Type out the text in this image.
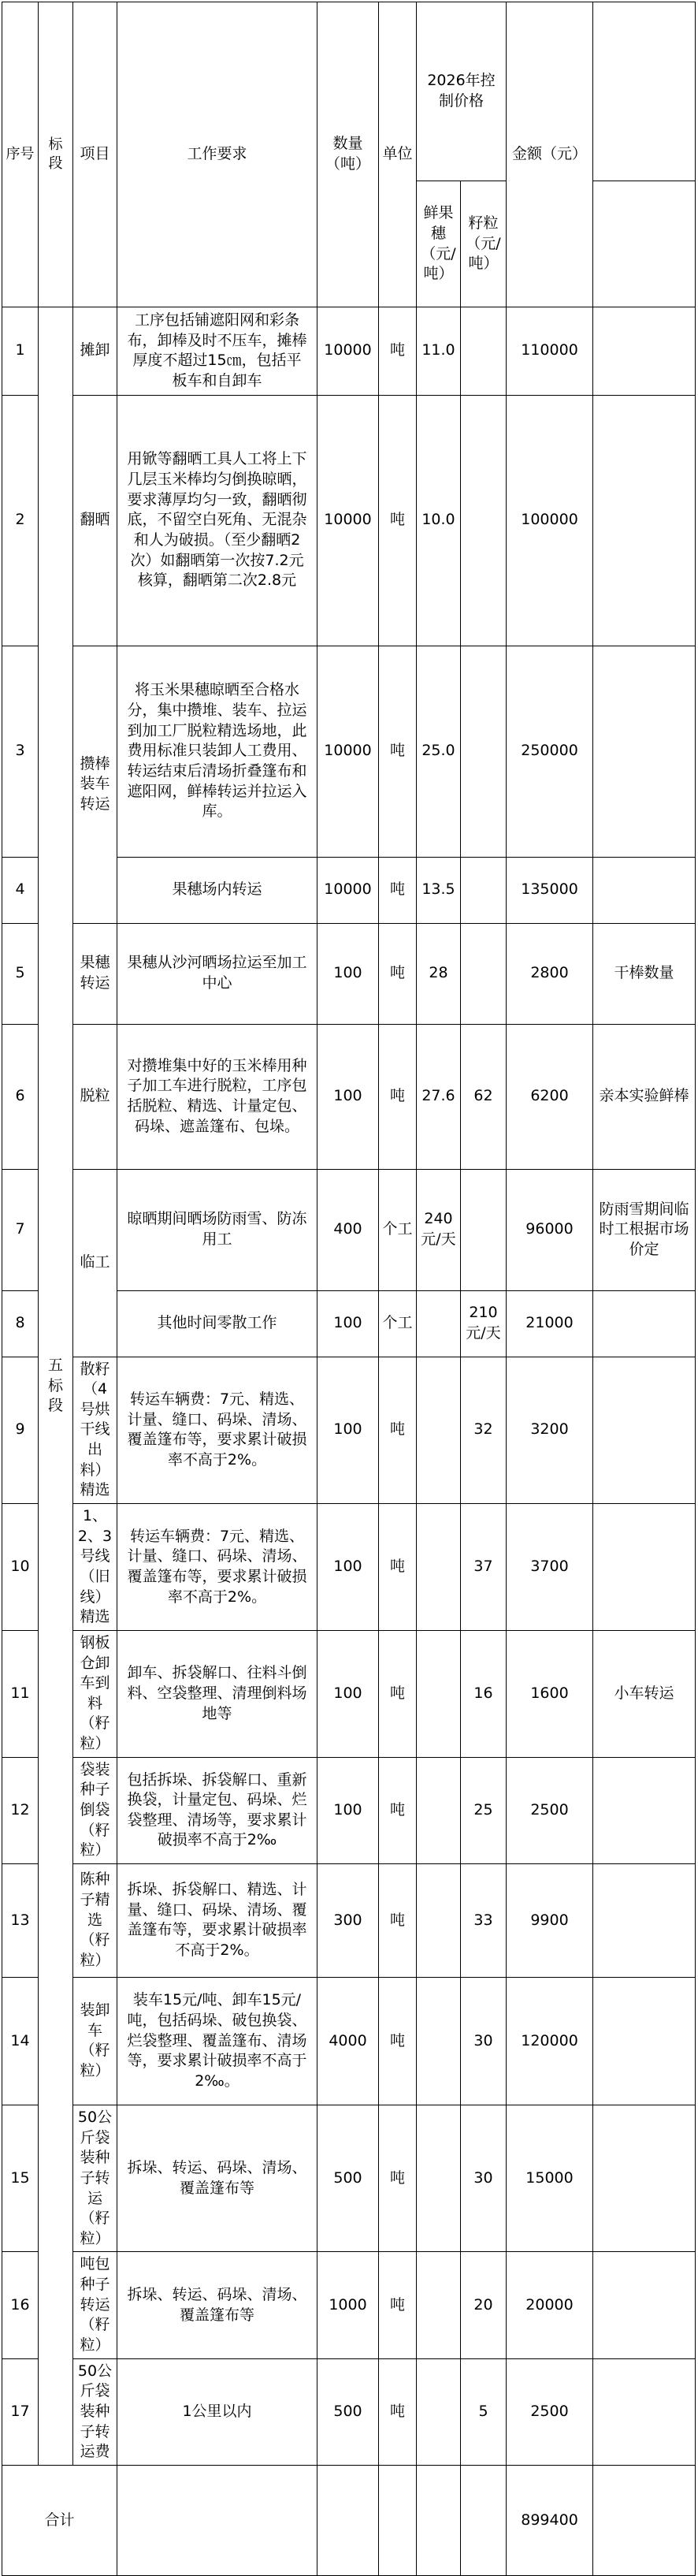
序号	标段	项目	工作要求	数量（吨）	单位	2026年控制价格		金额（元）	
						鲜果穗（元/吨）	籽粒（元/吨）		
1	五标段	摊卸	工序包括铺遮阳网和彩条布，卸棒及时不压车，摊棒厚度不超过15㎝，包括平板车和自卸车	10000	吨	11.0		110000	
2		翻晒	用锨等翻晒工具人工将上下几层玉米棒均匀倒换晾晒，要求薄厚均匀一致，翻晒彻底，不留空白死角、无混杂和人为破损。（至少翻晒2次）如翻晒第一次按7.2元核算，翻晒第二次2.8元	10000	吨	10.0		100000	
3		攒棒装车转运	将玉米果穗晾晒至合格水分，集中攒堆、装车、拉运到加工厂脱粒精选场地，此费用标准只装卸人工费用、转运结束后清场折叠篷布和遮阳网，鲜棒转运并拉运入库。	10000	吨	25.0		250000	
4			果穗场内转运	10000	吨	13.5		135000	
5		果穗转运	果穗从沙河晒场拉运至加工中心	100	吨	28		2800	干棒数量
6		脱粒	对攒堆集中好的玉米棒用种子加工车进行脱粒，工序包括脱粒、精选、计量定包、码垛、遮盖篷布、包垛。	100	吨	27.6	62	6200	亲本实验鲜棒
7		临工	晾晒期间晒场防雨雪、防冻用工	400	个工	240元/天		96000	防雨雪期间临时工根据市场价定
8			其他时间零散工作	100	个工		210元/天	21000	
9		散籽（4号烘干线出料）精选	转运车辆费：7元、精选、计量、缝口、码垛、清场、覆盖篷布等，要求累计破损率不高于2%。	100	吨		32	3200	
10		1、2、3号线（旧线）精选	转运车辆费：7元、精选、计量、缝口、码垛、清场、覆盖篷布等，要求累计破损率不高于2%。	100	吨		37	3700	
11		钢板仓卸车到料（籽粒）	卸车、拆袋解口、往料斗倒料、空袋整理、清理倒料场地等	100	吨		16	1600	小车转运
12		袋装种子倒袋（籽粒）	包括拆垛、拆袋解口、重新换袋，计量定包、码垛、烂袋整理、清场等，要求累计破损率不高于2‰	100	吨		25	2500	
13		陈种子精选（籽粒）	拆垛、拆袋解口、精选、计量、缝口、码垛、清场、覆盖篷布等，要求累计破损率不高于2%。	300	吨		33	9900	
14		装卸车（籽粒）	装车15元/吨、卸车15元/吨，包括码垛、破包换袋、烂袋整理、覆盖篷布、清场等，要求累计破损率不高于2‰。	4000	吨		30	120000	
15		50公斤袋装种子转运（籽粒）	拆垛、转运、码垛、清场、覆盖篷布等	500	吨		30	15000	
16		吨包种子转运（籽粒）	拆垛、转运、码垛、清场、覆盖篷布等	1000	吨		20	20000	
17		50公斤袋装种子转运费	1公里以内	500	吨		5	2500	
合计								899400	
